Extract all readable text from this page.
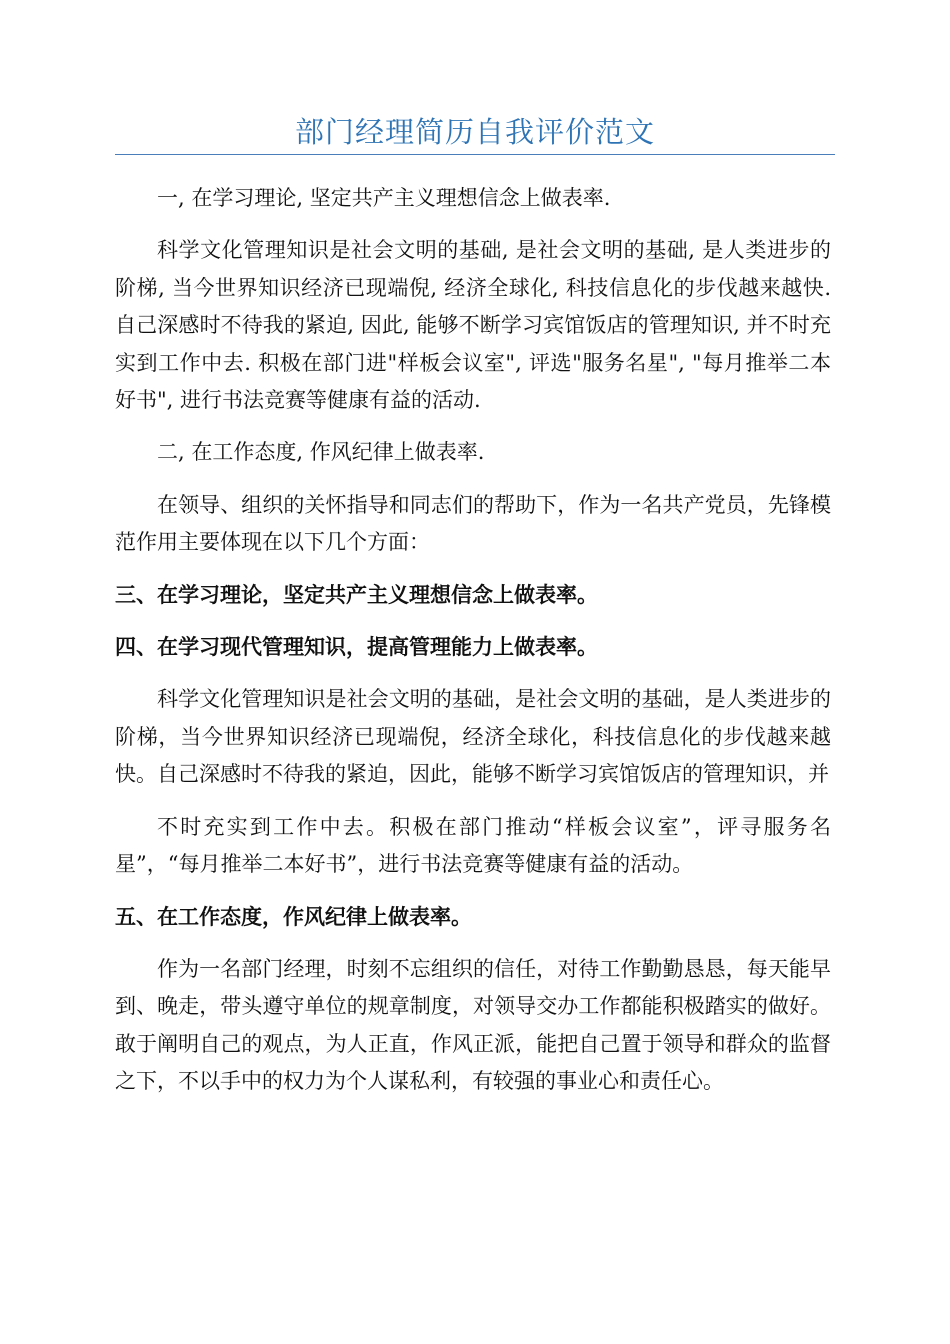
部门经理简历自我评价范文

一, 在学习理论, 坚定共产主义理想信念上做表率.

科学文化管理知识是社会文明的基础, 是社会文明的基础, 是人类进步的阶梯, 当今世界知识经济已现端倪, 经济全球化, 科技信息化的步伐越来越快. 自己深感时不待我的紧迫, 因此, 能够不断学习宾馆饭店的管理知识, 并不时充实到工作中去. 积极在部门进"样板会议室", 评选"服务名星", "每月推举二本好书", 进行书法竞赛等健康有益的活动.

二, 在工作态度, 作风纪律上做表率.

在领导、组织的关怀指导和同志们的帮助下，作为一名共产党员，先锋模范作用主要体现在以下几个方面：

三、在学习理论，坚定共产主义理想信念上做表率。

四、在学习现代管理知识，提高管理能力上做表率。

科学文化管理知识是社会文明的基础，是社会文明的基础，是人类进步的阶梯，当今世界知识经济已现端倪，经济全球化，科技信息化的步伐越来越快。自己深感时不待我的紧迫，因此，能够不断学习宾馆饭店的管理知识，并

不时充实到工作中去。积极在部门推动“样板会议室”，评寻服务名星”，“每月推举二本好书”，进行书法竞赛等健康有益的活动。

五、在工作态度，作风纪律上做表率。

作为一名部门经理，时刻不忘组织的信任，对待工作勤勤恳恳，每天能早到、晚走，带头遵守单位的规章制度，对领导交办工作都能积极踏实的做好。敢于阐明自己的观点，为人正直，作风正派，能把自己置于领导和群众的监督之下，不以手中的权力为个人谋私利，有较强的事业心和责任心。
